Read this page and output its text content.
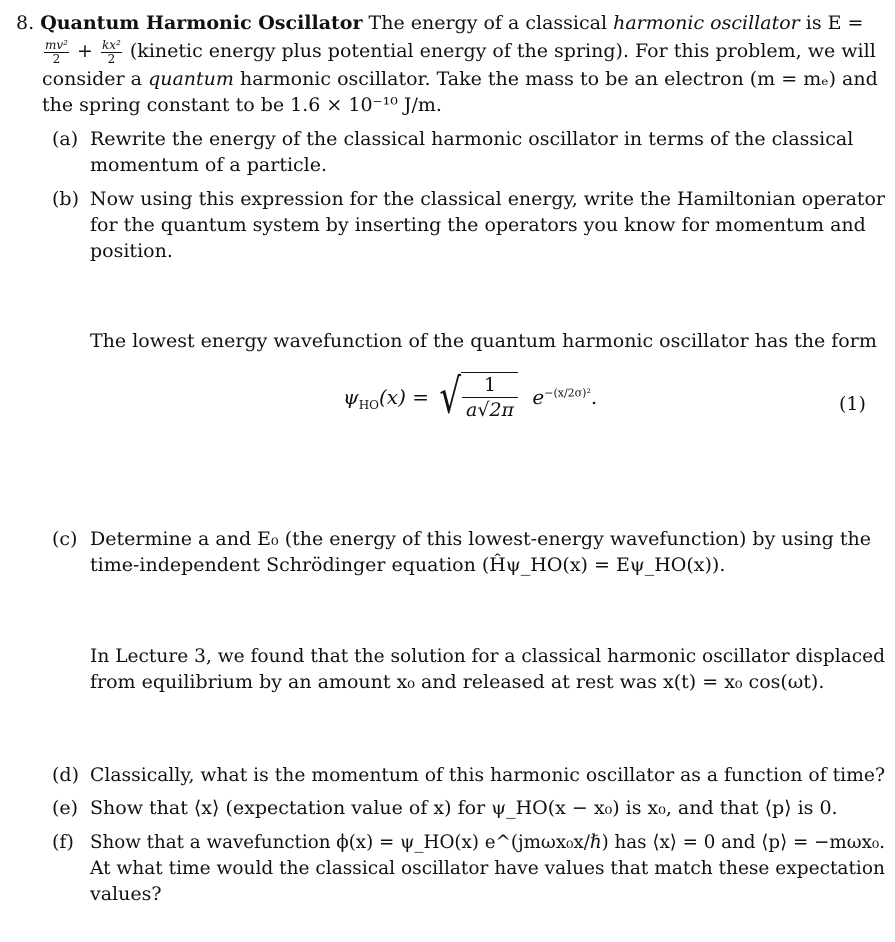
8. Quantum Harmonic Oscillator The energy of a classical harmonic oscillator is E =
$\frac{\text{mv²}}{2} + \frac{\text{kx²}}{2}$ (kinetic energy plus potential energy of the spring). For this problem, we will
consider a quantum harmonic oscillator. Take the mass to be an electron (m = mₑ) and
the spring constant to be 1.6 × 10⁻¹⁰ J/m.
(a) Rewrite the energy of the classical harmonic oscillator in terms of the classical
momentum of a particle.
(b) Now using this expression for the classical energy, write the Hamiltonian operator
for the quantum system by inserting the operators you know for momentum and
position.
The lowest energy wavefunction of the quantum harmonic oscillator has the form
$\psi_{HO}(x)$ = √ $\frac{1}{a√2\pi} e^{-(x/2\sigma)^2}$.	(1)
(c) Determine a and E₀ (the energy of this lowest-energy wavefunction) by using the
time-independent Schrödinger equation (Ĥψ_HO(x) = Eψ_HO(x)).
In Lecture 3, we found that the solution for a classical harmonic oscillator displaced
from equilibrium by an amount x₀ and released at rest was x(t) = x₀ cos(ωt).
(d) Classically, what is the momentum of this harmonic oscillator as a function of time?
(e) Show that ⟨x⟩ (expectation value of x) for ψ_HO(x − x₀) is x₀, and that ⟨p⟩ is 0.
(f) Show that a wavefunction ϕ(x) = ψ_HO(x) e^(jmωx₀x/ℏ) has ⟨x⟩ = 0 and ⟨p⟩ = −mωx₀.
At what time would the classical oscillator have values that match these expectation
values?
